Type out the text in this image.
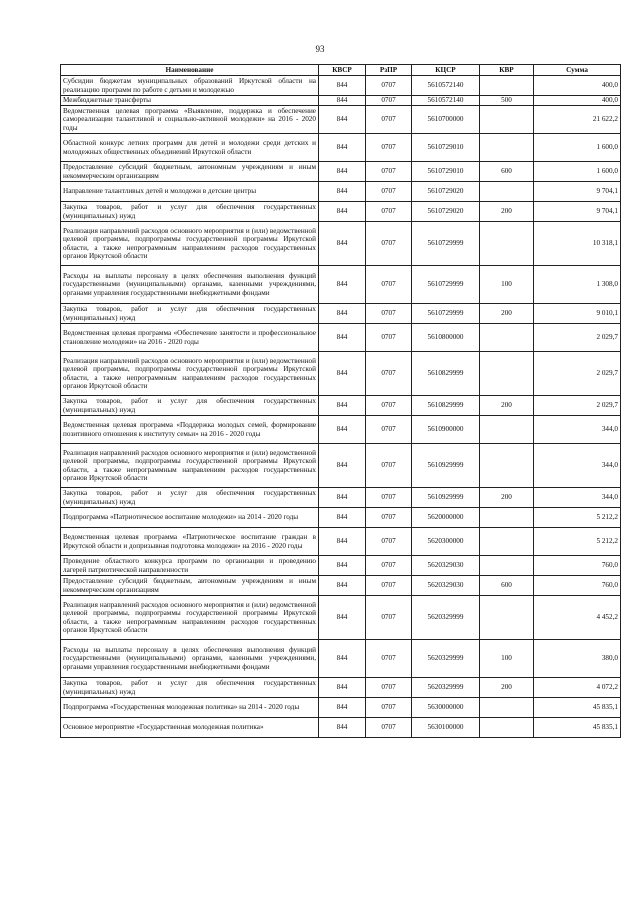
93
Наименование	КВСР	РзПР	КЦСР	КВР	Сумма
Субсидии бюджетам муниципальных образований Иркутской области на реализацию программ по работе с детьми и молодежью	844	0707	5610572140		400,0
Межбюджетные трансферты	844	0707	5610572140	500	400,0
Ведомственная целевая программа «Выявление, поддержка и обеспечение самореализации талантливой и социально-активной молодежи» на 2016 - 2020 годы	844	0707	5610700000		21 622,2
Областной конкурс летних программ для детей и молодежи среди детских и молодежных общественных объединений Иркутской области	844	0707	5610729010		1 600,0
Предоставление субсидий бюджетным, автономным учреждениям и иным некоммерческим организациям	844	0707	5610729010	600	1 600,0
Направление талантливых детей и молодежи в детские центры	844	0707	5610729020		9 704,1
Закупка товаров, работ и услуг для обеспечения государственных (муниципальных) нужд	844	0707	5610729020	200	9 704,1
Реализация направлений расходов основного мероприятия и (или) ведомственной целевой программы, подпрограммы государственной программы Иркутской области, а также непрограммным направлениям расходов государственных органов Иркутской области	844	0707	5610729999		10 318,1
Расходы на выплаты персоналу в целях обеспечения выполнения функций государственными (муниципальными) органами, казенными учреждениями, органами управления государственными внебюджетными фондами	844	0707	5610729999	100	1 308,0
Закупка товаров, работ и услуг для обеспечения государственных (муниципальных) нужд	844	0707	5610729999	200	9 010,1
Ведомственная целевая программа «Обеспечение занятости и профессиональное становление молодежи» на 2016 - 2020 годы	844	0707	5610800000		2 029,7
Реализация направлений расходов основного мероприятия и (или) ведомственной целевой программы, подпрограммы государственной программы Иркутской области, а также непрограммным направлениям расходов государственных органов Иркутской области	844	0707	5610829999		2 029,7
Закупка товаров, работ и услуг для обеспечения государственных (муниципальных) нужд	844	0707	5610829999	200	2 029,7
Ведомственная целевая программа «Поддержка молодых семей, формирование позитивного отношения к институту семьи» на 2016 - 2020 годы	844	0707	5610900000		344,0
Реализация направлений расходов основного мероприятия и (или) ведомственной целевой программы, подпрограммы государственной программы Иркутской области, а также непрограммным направлениям расходов государственных органов Иркутской области	844	0707	5610929999		344,0
Закупка товаров, работ и услуг для обеспечения государственных (муниципальных) нужд	844	0707	5610929999	200	344,0
Подпрограмма «Патриотическое воспитание молодежи» на 2014 - 2020 годы	844	0707	5620000000		5 212,2
Ведомственная целевая программа «Патриотическое воспитание граждан в Иркутской области и допризывная подготовка молодежи» на 2016 - 2020 годы	844	0707	5620300000		5 212,2
Проведение областного конкурса программ по организации и проведению лагерей патриотической направленности	844	0707	5620329030		760,0
Предоставление субсидий бюджетным, автономным учреждениям и иным некоммерческим организациям	844	0707	5620329030	600	760,0
Реализация направлений расходов основного мероприятия и (или) ведомственной целевой программы, подпрограммы государственной программы Иркутской области, а также непрограммным направлениям расходов государственных органов Иркутской области	844	0707	5620329999		4 452,2
Расходы на выплаты персоналу в целях обеспечения выполнения функций государственными (муниципальными) органами, казенными учреждениями, органами управления государственными внебюджетными фондами	844	0707	5620329999	100	380,0
Закупка товаров, работ и услуг для обеспечения государственных (муниципальных) нужд	844	0707	5620329999	200	4 072,2
Подпрограмма «Государственная молодежная политика» на 2014 - 2020 годы	844	0707	5630000000		45 835,1
Основное мероприятие «Государственная молодежная политика»	844	0707	5630100000		45 835,1
